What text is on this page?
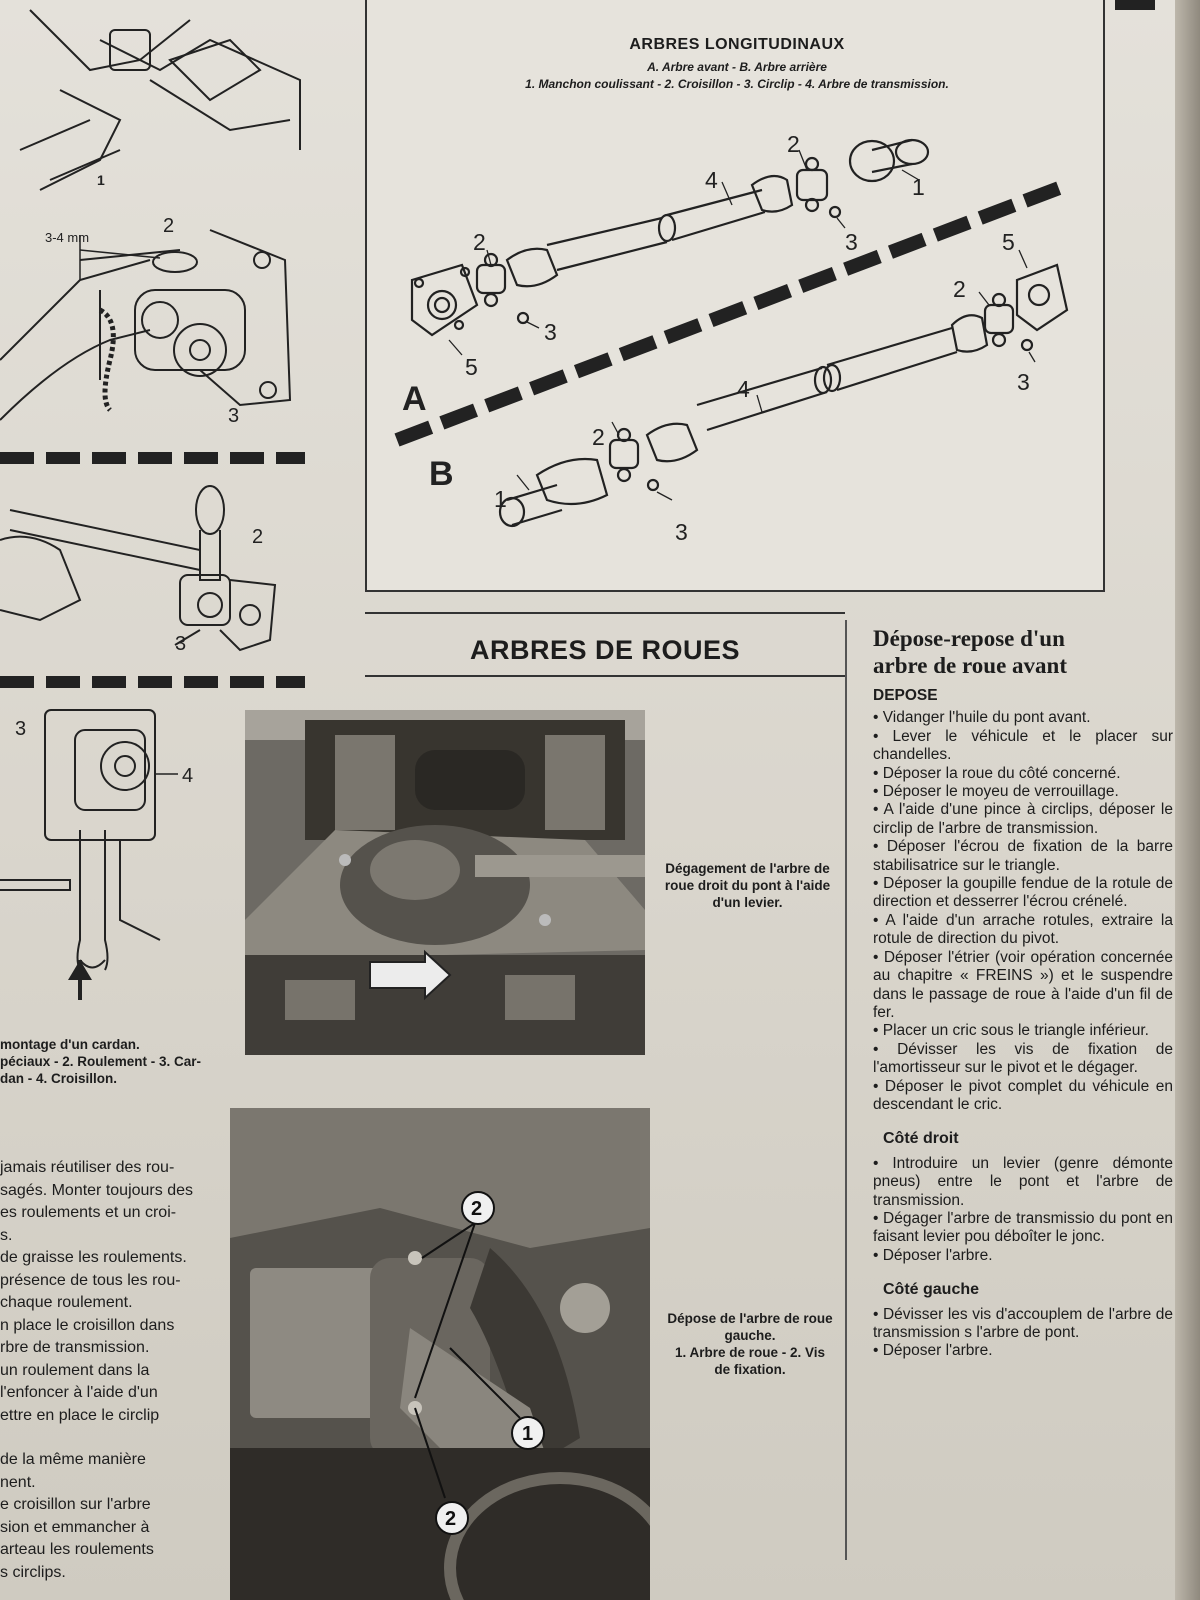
1
3-4 mm
2
3
2
3
3
4
montage d'un cardan.
péciaux - 2. Roulement - 3. Car-
dan - 4. Croisillon.

jamais réutiliser des rou-

sagés. Monter toujours des

es roulements et un croi-

s.

de graisse les roulements.

présence de tous les rou-

chaque roulement.

n place le croisillon dans

rbre de transmission.

un roulement dans la

l'enfoncer à l'aide d'un

ettre en place le circlip

de la même manière

nent.

e croisillon sur l'arbre

sion et emmancher à

arteau les roulements

s circlips.

ARBRES LONGITUDINAUX
A. Arbre avant - B. Arbre arrière
1. Manchon coulissant - 2. Croisillon - 3. Circlip - 4. Arbre de transmission.
1
2
3
4
2
3
5
A
5
2
3
4
2
1
3
B
ARBRES DE ROUES
Dégagement de l'arbre de
roue droit du pont à l'aide
d'un levier.
2
2
1
Dépose de l'arbre de roue
gauche.
1. Arbre de roue - 2. Vis
de fixation.
Dépose-repose d'un
arbre de roue avant
DEPOSE

• Vidanger l'huile du pont avant.

• Lever le véhicule et le placer sur chandelles.

• Déposer la roue du côté concerné.

• Déposer le moyeu de verrouillage.

• A l'aide d'une pince à circlips, déposer le circlip de l'arbre de transmission.

• Déposer l'écrou de fixation de la barre stabilisatrice sur le triangle.

• Déposer la goupille fendue de la rotule de direction et desserrer l'écrou crénelé.

• A l'aide d'un arrache rotules, extraire la rotule de direction du pivot.

• Déposer l'étrier (voir opération concernée au chapitre « FREINS ») et le suspendre dans le passage de roue à l'aide d'un fil de fer.

• Placer un cric sous le triangle inférieur.

• Dévisser les vis de fixation de l'amortisseur sur le pivot et le dégager.

• Déposer le pivot complet du véhicule en descendant le cric.

Côté droit

• Introduire un levier (genre démonte pneus) entre le pont et l'arbre de transmission.

• Dégager l'arbre de transmissio du pont en faisant levier pou déboîter le jonc.

• Déposer l'arbre.

Côté gauche

• Dévisser les vis d'accouplem de l'arbre de transmission s l'arbre de pont.

• Déposer l'arbre.
